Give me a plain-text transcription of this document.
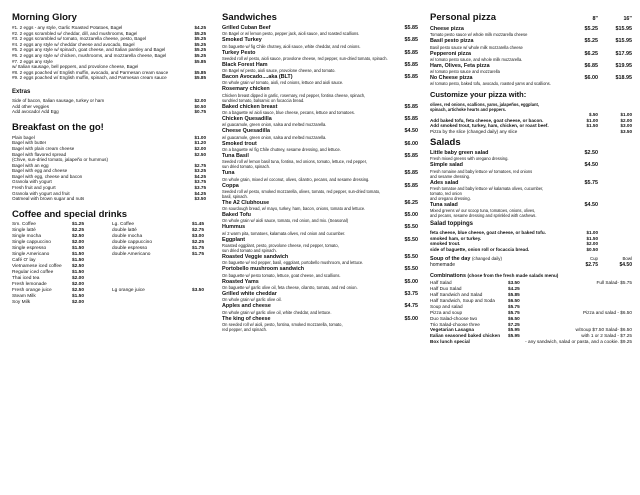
Morning Glory
#1. 2 eggs - any style, Garlic Roasted Potatoes, Bagel	$4.25
#2. 2 eggs scrambled w/ cheddar, dill, and mushrooms, Bagel	$5.25
#3. 2 eggs scrambled w/ tomato, mozzarella cheese, pesto, Bagel	$5.25
#4. 2 eggs any style w/ cheddar cheese and avocado, Bagel	$5.25
#5. 2 eggs any style w/ spinach, goat cheese, and Italian parsley and Bagel	$5.25
#6. 2 eggs any style w/ chicken, mushrooms, and mozzarella cheese, Bagel	$5.25
#7. 2 eggs any style	$5.85
w/ Italian sausage, bell peppers, and provolone cheese, Bagel
#8. 2 eggs poached w/ English muffin, avocado, and Parmesan cream sauce	$5.85
#9. 2 eggs poached w/ English muffin, spinach, and Parmesan cream sauce	$5.85
Extras
Side of bacon, Italian sausage, turkey or ham	$2.00
Add other veggies	$0.50
Add avocado/ Add Egg	$0.75
Breakfast on the go!
Plain bagel	$1.00
Bagel with butter	$1.20
Bagel with plain cream cheese	$2.00
Bagel with flavored spread	$2.50
(Chive, sun-dried tomato, jalapeño or hummus)
Bagel with an egg	$2.75
Bagel with egg and cheese	$3.25
Bagel with egg, cheese and bacon	$4.25
Granola with yogurt	$3.75
Fresh fruit and yogurt	$3.75
Granola with yogurt and fruit	$4.25
Oatmeal with brown sugar and nuts	$3.50
Coffee and special drinks
Sm. Coffee	$1.25	Lg. Coffee	$1.45
Single latté	$2.25	double latté	$2.75
Single mocha	$2.50	double mocha	$3.00
Single cappuccino	$2.00	double cappuccino	$2.25
Single espresso	$1.50	double espresso	$1.75
Single Americano	$1.50	double Americano	$1.75
Café O' lay	$1.50
Vietnamese iced coffee	$2.50
Regular iced coffee	$1.50
Thai iced tea	$2.00
Fresh lemonade	$2.00
Fresh orange juice	$2.50	Lg orange juice	$3.50
Steam Milk	$1.50
Soy Milk	$2.00
Sandwiches
Grilled Cuban Beef	$5.85
On Bagel or w/ lemon pesto, pepper jack, aioli sauce, and roasted scallions.
Smoked Turkey	$5.85
On baguette w/ fig Chile chutney, aioli sauce, white cheddar, and red onions.
Turkey Pesto	$5.85
Seeded roll w/ pesto, aioli sauce, provolone cheese, red pepper, sun-dried tomato, spinach.
Black Forest Ham	$5.85
On Bagel w/ pesto, aioli sauce, provolone cheese, and tomato.
Bacon Avocado....aka (BLT)	$5.85
On whole grain w/ tomato, aioli, red onions, lettuce and aioli sauce.
Rosemary chicken
Chicken breast dipped in garlic, rosemary, red pepper, fontina cheese, spinach,
sundried tomato, balsamic on focaccia bread.
Baked chicken breast	$5.85
On a baguette w/ aioli sauce, blue cheese, pecans, lettuce and tomatoes.
Chicken Quesadilla	$5.85
w/ guacamole, green onion, salsa and melted mozzarella.
Cheese Quesadilla	$4.50
w/ guacamole, green onion, salsa and melted mozzarella.
Smoked trout	$6.00
On a baguette w/ fig Chile chutney, sesame dressing, and lettuce.
Tuna Basil	$5.85
Seeded roll w/ lemon basil tuna, fontina, red onions, tomato, lettuce, red pepper,
sun dried tomato, spinach.
Tuna	$5.85
On whole grain, mixed w/ coconut, olives, cilantro, pecans, and sesame dressing.
Coppa	$5.85
Seeded roll w/ pesto, smoked mozzarella, olives, tomato, red pepper, sun-dried tomato,
basil, spinach.
The A2 Clubhouse	$6.25
On sourdough bread, w/ mayo, turkey, ham, bacon, onions, tomato and lettuce.
Baked Tofu	$5.00
On whole grain w/ aioli sauce, tomato, red onion, and mix. (Seasonal)
Hummus	$5.50
w/ 2 warm pita, tomatoes, kalamata olives, red onion and cucumber.
Eggplant	$5.50
Roasted eggplant, pesto, provolone cheese, red pepper, tomato,
sun dried tomato and spinach.
Roasted Veggie sandwich	$5.50
On baguette w/ red pepper, basil, eggplant, portobello mushroom, and lettuce.
Portobello mushroom sandwich	$5.50
On baguette w/ pesto tomato, lettuce, goat cheese, and scallions.
Roasted Yams	$5.00
On baguette w/ garlic olive oil, feta cheese, cilantro, tomato, and red onion.
Grilled white cheddar	$3.75
On whole grain w/ garlic olive oil.
Apples and cheese	$4.75
On whole grain w/ garlic olive oil, white cheddar, and lettuce.
The king of cheese	$5.00
On seeded roll w/ aioli, pesto, fontina, smoked mozzarella, tomato,
red pepper, and spinach.
Personal pizza	8"	16"
Cheese pizza	$5.25	$15.95
Tomato pesto sauce w/ whole milk mozzarella cheese
Basil pesto pizza	$5.25	$15.95
Basil pesto sauce w/ whole milk mozzarella cheese
Pepperoni pizza	$6.25	$17.95
w/ tomato pesto sauce, and whole milk mozzarella.
Ham, Olives, Feta pizza	$6.85	$19.95
w/ tomato pesto sauce and mozzarella
No Cheese pizza	$6.00	$18.95
w/ tomato pesto, baked tofu, avocado, roasted yams and scallions.
Customize your pizza with:
olives, red onions, scallions, yams, jalapeños, eggplant,
spinach, artichoke hearts and peppers.
$.50	$1.00
Add baked tofu, feta cheese, goat cheese, or bacon.	$1.00	$2.00
Add smoked trout, turkey, ham, chicken, or roast beef.	$1.50	$3.00
Pizza by the slice (changed daily) any slice	$3.50
Salads
Little baby green salad	$2.50
Fresh mixed greens with oregano dressing.
Simple salad	$4.50
Fresh romaine and baby lettuce w/ tomatoes, red onions
and sesame dressing.
Ades salad	$5.75
Fresh tomatoe and baby lettuce w/ kalamata olives, cucumber,
tomato, red onion
and oregano dressing.
Tuna salad	$4.50
Mixed greens w/ our scoop tuna, tomatoes, onions, olives,
and pecans, sesame dressing and sprinkled with cashews.
Salad toppings
feta cheese, blue cheese, goat cheese, or baked tofu.	$1.00
smoked ham, or turkey.	$1.50
smoked trout.	$2.00
side of baguette, onion roll or focaccia bread.	$0.50
Soup of the day (changed daily)	Cup	Bowl
homemade	$2.75	$4.50
Combinations (chose from the fresh made salads menu)
Half Salad	$3.50	Full Salad- $5.75
Half Duo Salad	$4.25
Half Sandwich and Salad	$5.85
Half Sandwich, Soup and Soda	$6.50
Soup and salad	$5.75
Pizza and soup	$5.75	Pizza and salad - $6.50
Duo Salad-choose two	$6.50
Trio Salad-choose three	$7.25
Vegetarian Lasagna	$5.95	w/Soup $7.50 Salad- $6.50
Italian seasoned baked chicken	$5.95	with 1 or 2 Salad - $7.25
Box lunch special	- any sandwich, salad or pasta, and a cookie. $9.25
